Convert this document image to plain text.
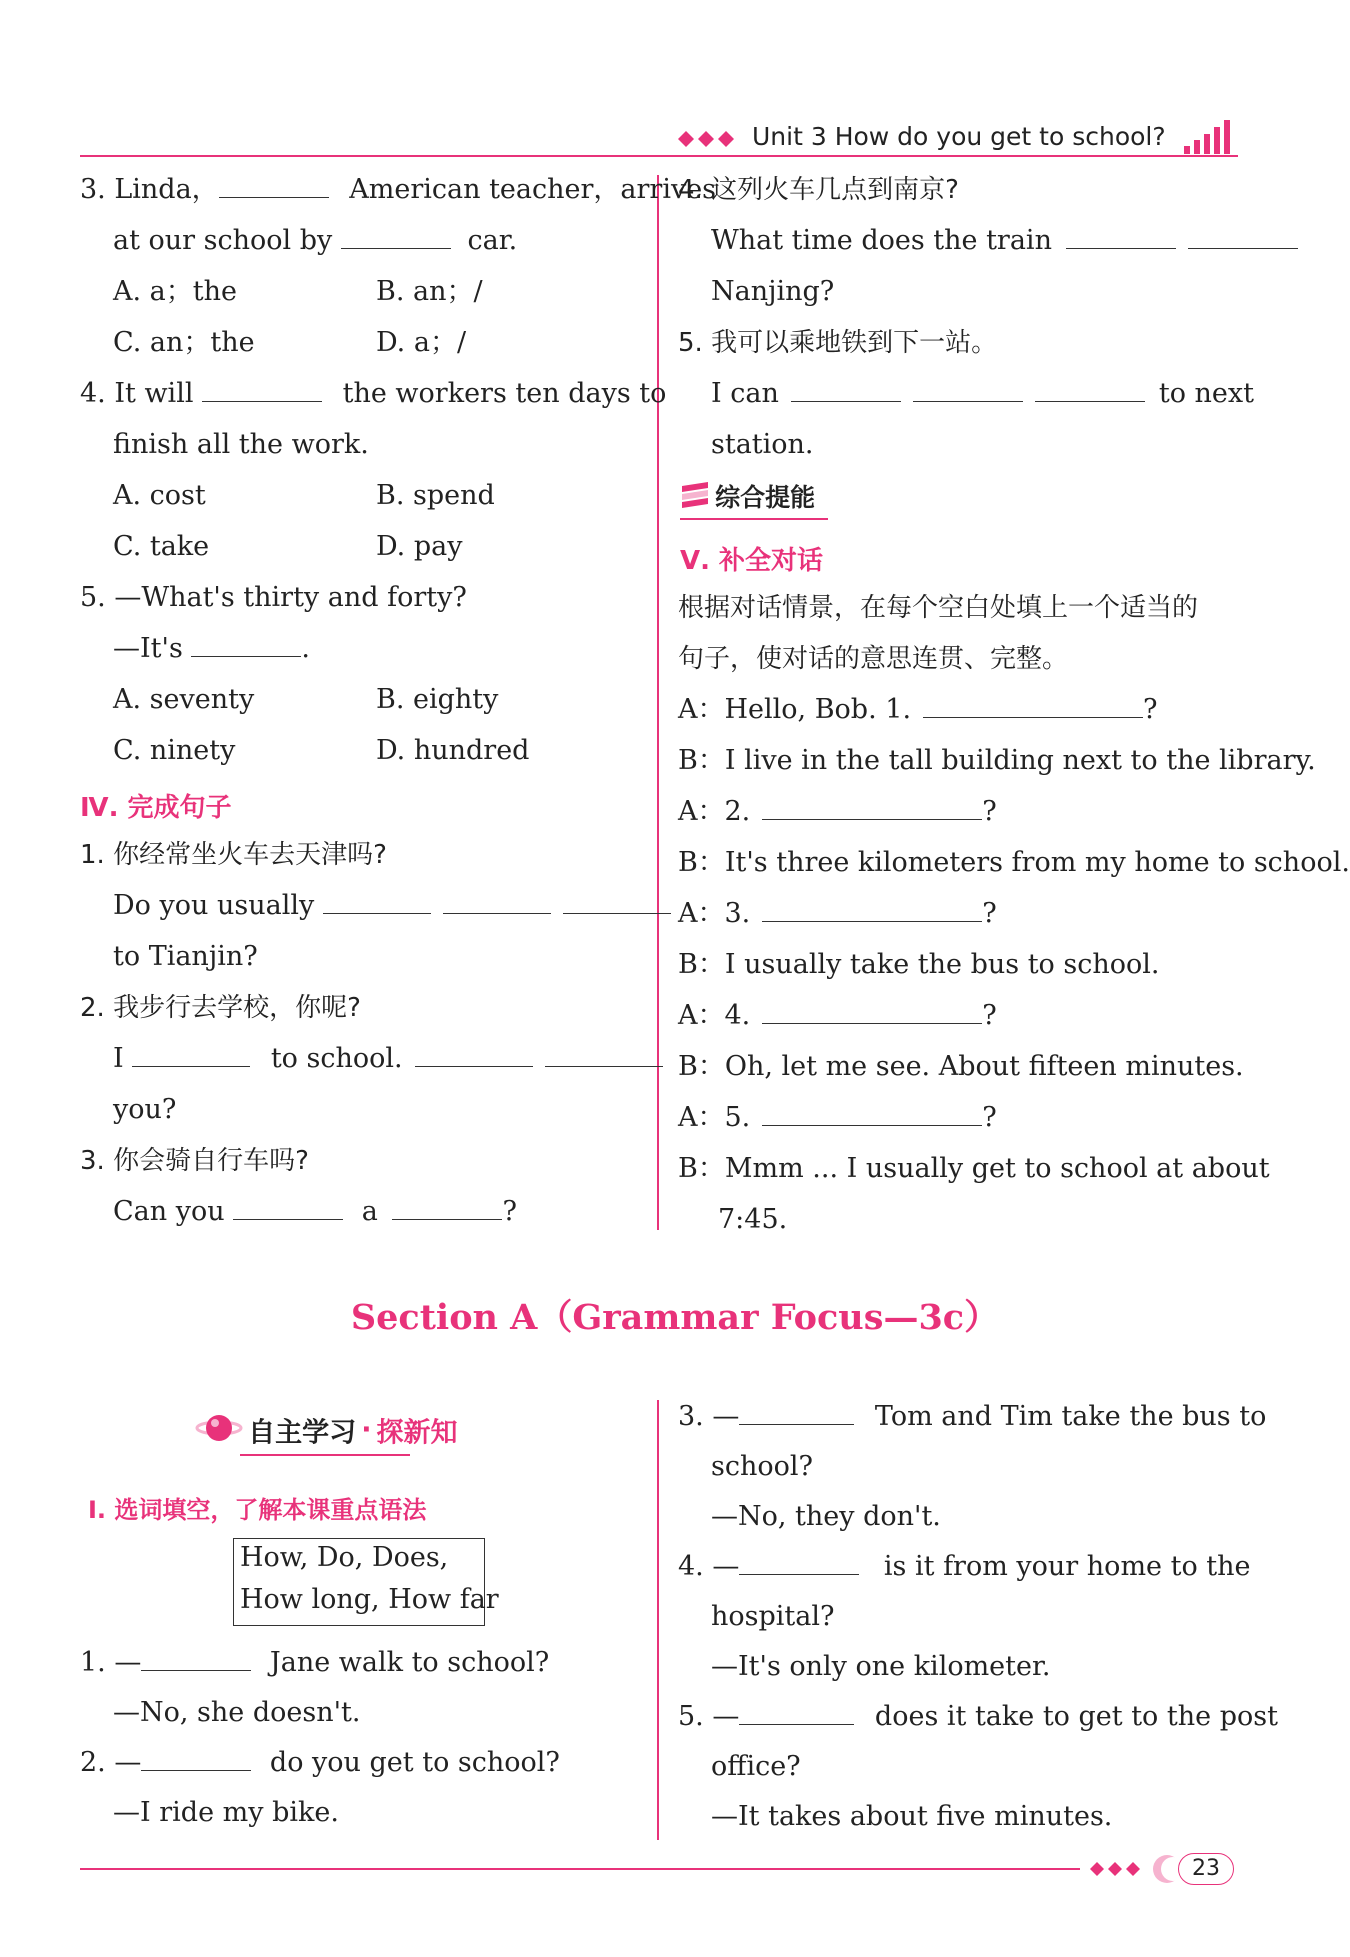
Unit 3 How do you get to school?
3. Linda，	American teacher，arrives
at our school by	car.
A. a；the	B. an；/
C. an；the	D. a；/
4. It will	the workers ten days to
finish all the work.
A. cost	B. spend
C. take	D. pay
5. —What's thirty and forty?
—It's	.
A. seventy	B. eighty
C. ninety	D. hundred
Ⅳ. 完成句子
1. 你经常坐火车去天津吗?
Do you usually
to Tianjin?
2. 我步行去学校，你呢?
I	to school.
you?
3. 你会骑自行车吗?
Can you	a	?
4. 这列火车几点到南京?
What time does the train
Nanjing?
5. 我可以乘地铁到下一站。
I can	to next
station.
综合提能
Ⅴ. 补全对话
根据对话情景，在每个空白处填上一个适当的
句子，使对话的意思连贯、完整。
A：Hello, Bob. 1.	?
B：I live in the tall building next to the library.
A：2.	?
B：It's three kilometers from my home to school.
A：3.	?
B：I usually take the bus to school.
A：4.	?
B：Oh, let me see. About fifteen minutes.
A：5.	?
B：Mmm ... I usually get to school at about
7:45.
Section A（Grammar Focus—3c）
自主学习 · 探新知
Ⅰ. 选词填空，了解本课重点语法
How, Do, Does,
How long, How far
1. —	Jane walk to school?
—No, she doesn't.
2. —	do you get to school?
—I ride my bike.
3. —	Tom and Tim take the bus to
school?
—No, they don't.
4. —	is it from your home to the
hospital?
—It's only one kilometer.
5. —	does it take to get to the post
office?
—It takes about five minutes.
23
